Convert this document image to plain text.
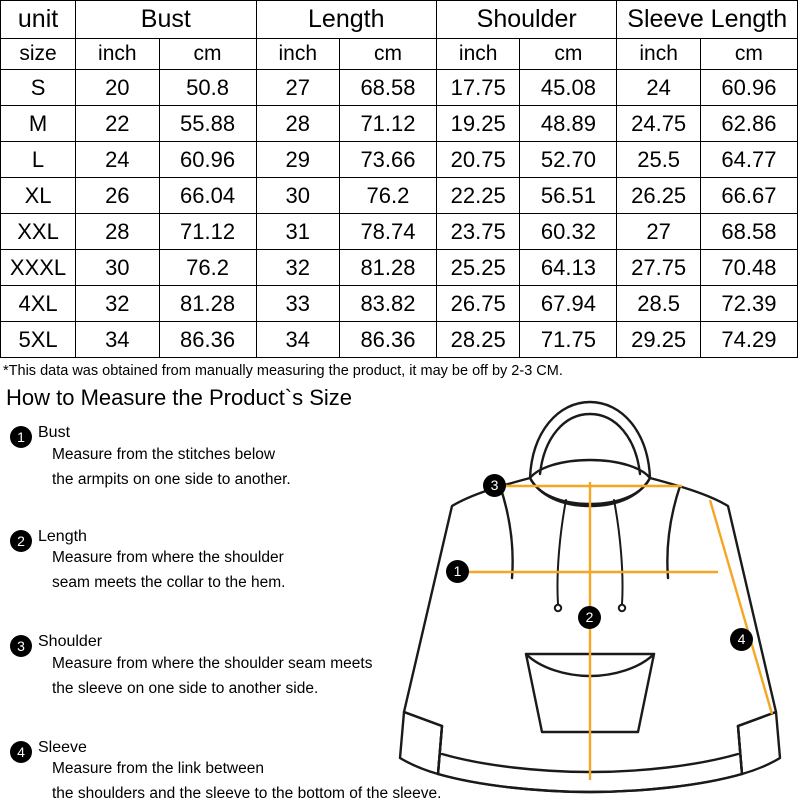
unit	Bust		Length		Shoulder		Sleeve Length	
size	inch	cm	inch	cm	inch	cm	inch	cm
S	20	50.8	27	68.58	17.75	45.08	24	60.96
M	22	55.88	28	71.12	19.25	48.89	24.75	62.86
L	24	60.96	29	73.66	20.75	52.70	25.5	64.77
XL	26	66.04	30	76.2	22.25	56.51	26.25	66.67
XXL	28	71.12	31	78.74	23.75	60.32	27	68.58
XXXL	30	76.2	32	81.28	25.25	64.13	27.75	70.48
4XL	32	81.28	33	83.82	26.75	67.94	28.5	72.39
5XL	34	86.36	34	86.36	28.25	71.75	29.25	74.29
*This data was obtained from manually measuring the product, it may be off by 2-3 CM.
How to Measure the Product`s Size
1 Bust
Measure from the stitches below
the armpits on one side to another.
2 Length
Measure from where the shoulder
seam meets the collar to the hem.
3 Shoulder
Measure from where the shoulder seam meets
the sleeve on one side to another side.
4 Sleeve
Measure from the link between
the shoulders and the sleeve to the bottom of the sleeve.
3
1
2
4
